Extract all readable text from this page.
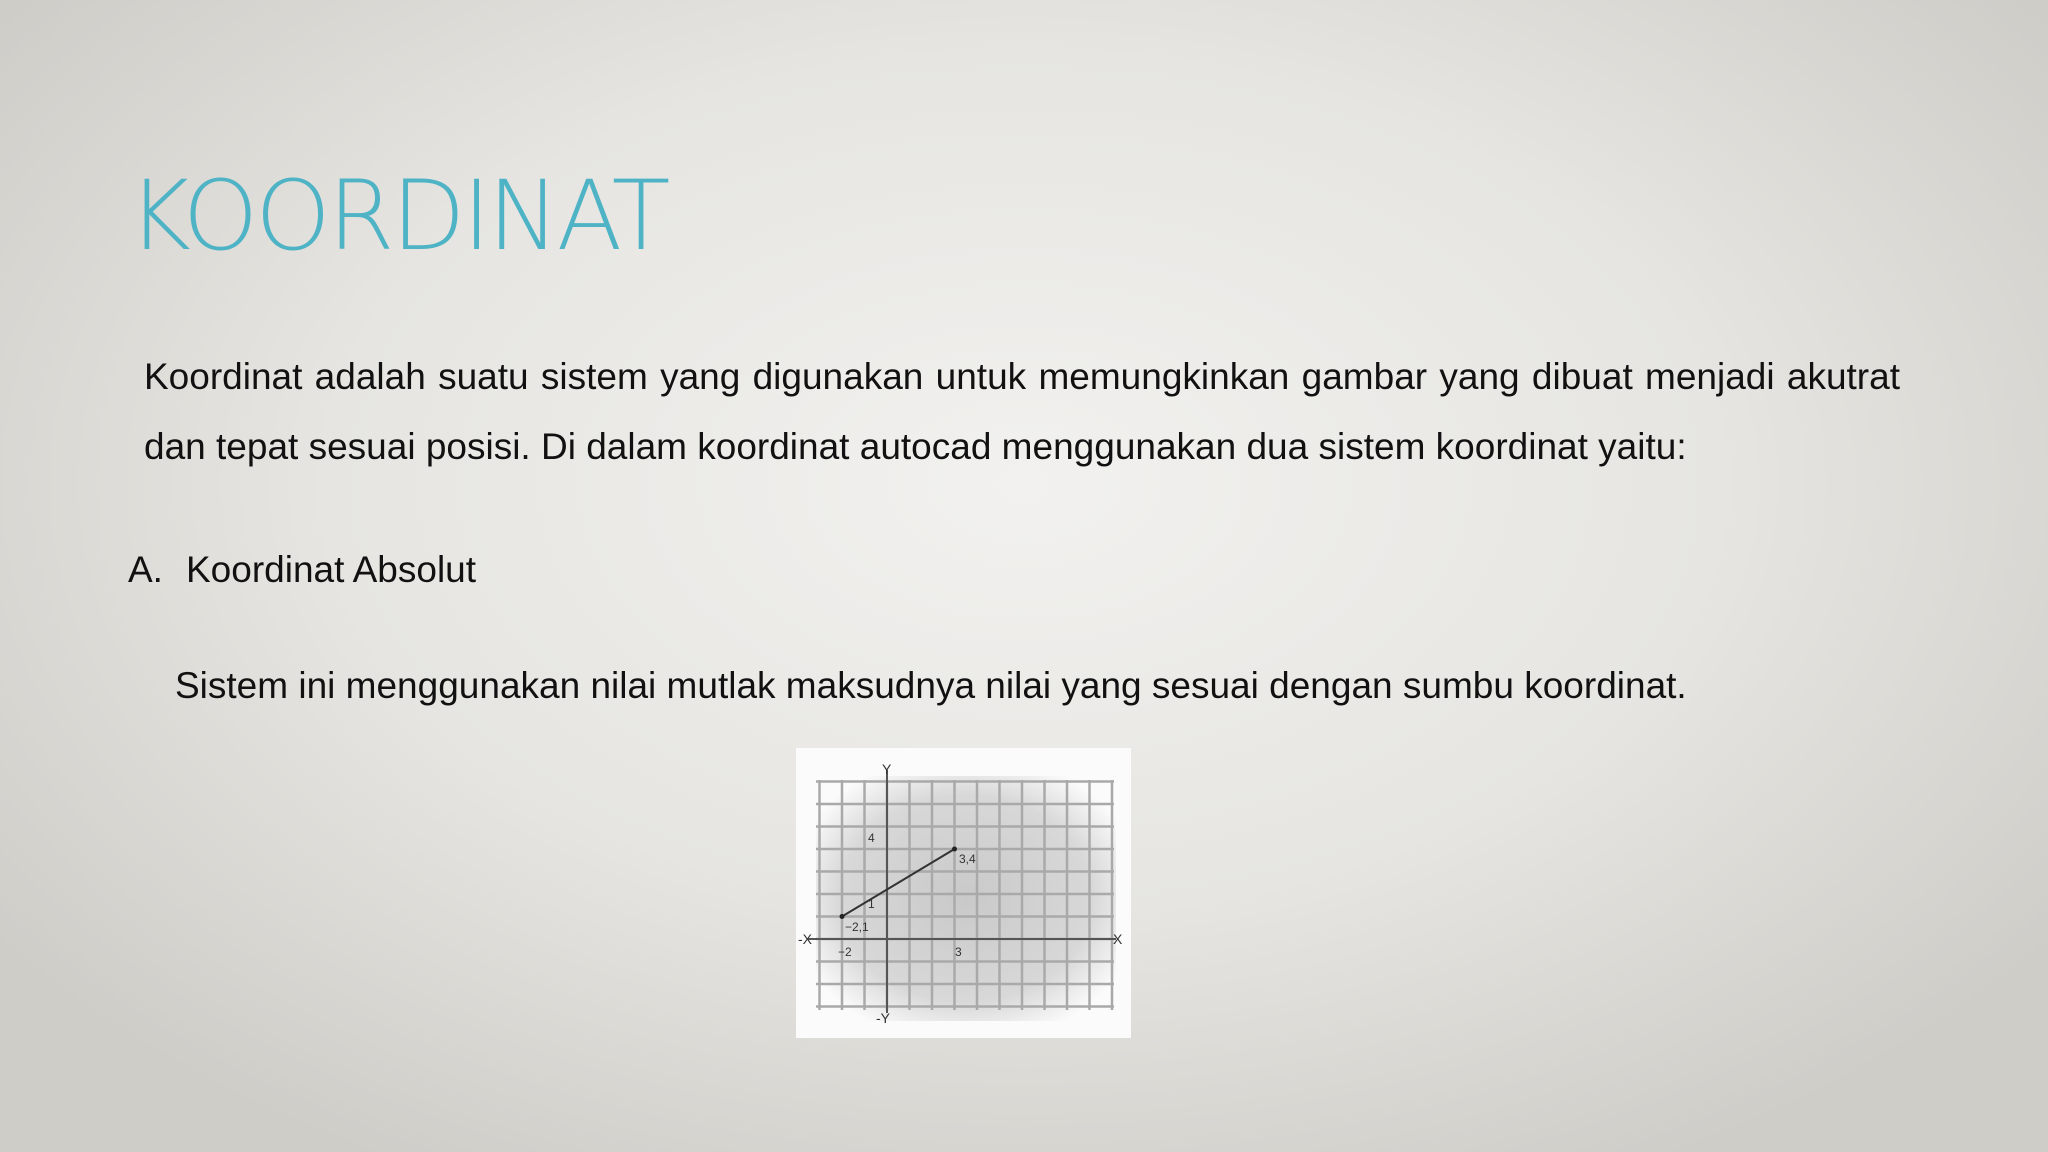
KOORDINAT

Koordinat adalah suatu sistem yang digunakan untuk memungkinkan gambar yang dibuat menjadi akutrat dan tepat sesuai posisi. Di dalam koordinat autocad menggunakan dua sistem koordinat yaitu:

A. Koordinat Absolut
Sistem ini menggunakan nilai mutlak maksudnya nilai yang sesuai dengan sumbu koordinat.
Y
-Y
X
-X
4
1
−2	3
−2,1
3,4
